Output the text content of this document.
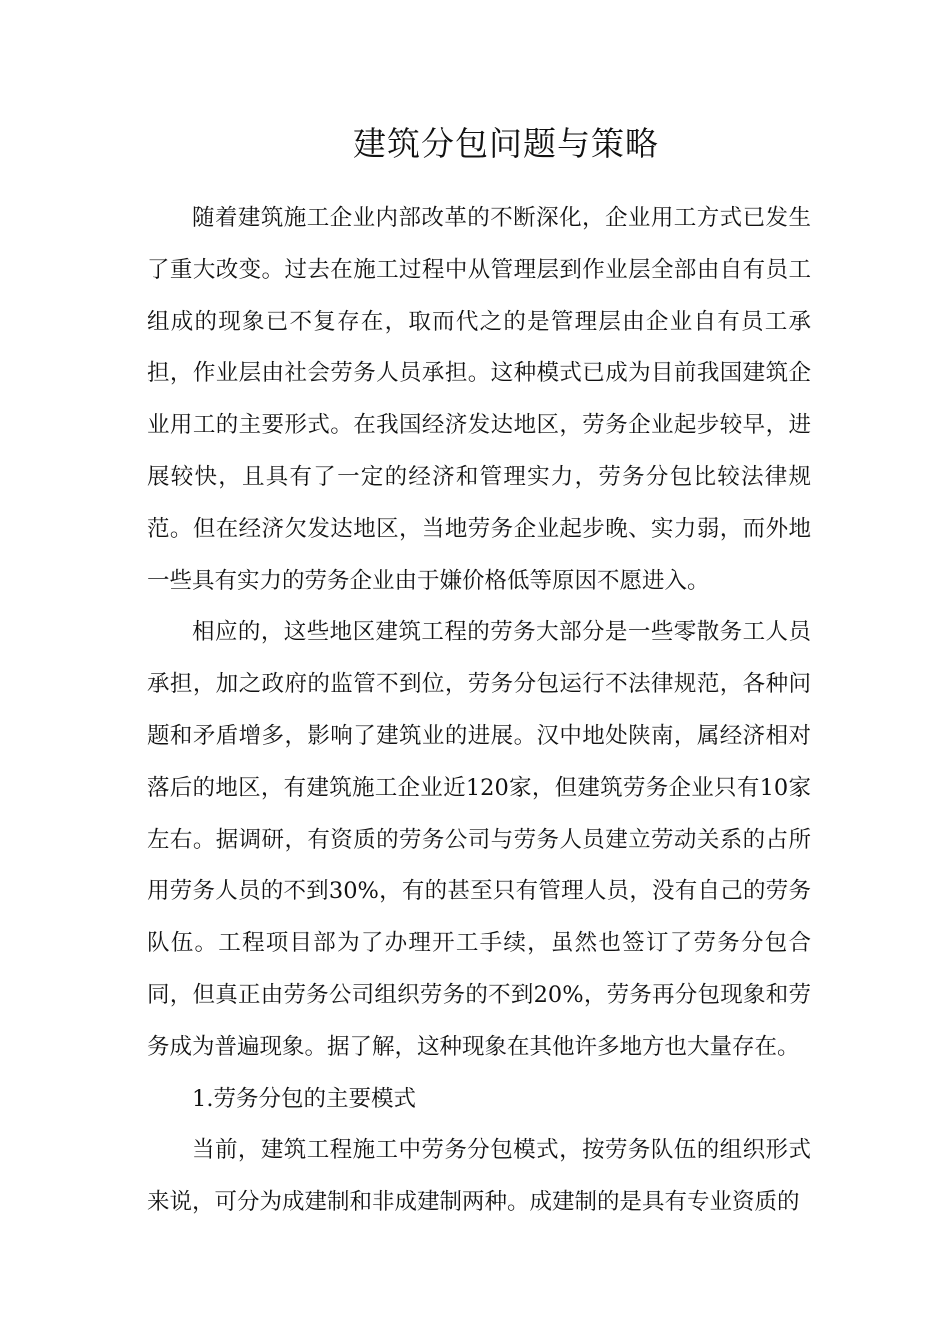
建筑分包问题与策略

随着建筑施工企业内部改革的不断深化，企业用工方式已发生了重大改变。过去在施工过程中从管理层到作业层全部由自有员工组成的现象已不复存在，取而代之的是管理层由企业自有员工承担，作业层由社会劳务人员承担。这种模式已成为目前我国建筑企业用工的主要形式。在我国经济发达地区，劳务企业起步较早，进展较快，且具有了一定的经济和管理实力，劳务分包比较法律规范。但在经济欠发达地区，当地劳务企业起步晚、实力弱，而外地一些具有实力的劳务企业由于嫌价格低等原因不愿进入。

相应的，这些地区建筑工程的劳务大部分是一些零散务工人员承担，加之政府的监管不到位，劳务分包运行不法律规范，各种问题和矛盾增多，影响了建筑业的进展。汉中地处陕南，属经济相对落后的地区，有建筑施工企业近120家，但建筑劳务企业只有10家左右。据调研，有资质的劳务公司与劳务人员建立劳动关系的占所用劳务人员的不到30%，有的甚至只有管理人员，没有自己的劳务队伍。工程项目部为了办理开工手续，虽然也签订了劳务分包合同，但真正由劳务公司组织劳务的不到20%，劳务再分包现象和劳务成为普遍现象。据了解，这种现象在其他许多地方也大量存在。

1.劳务分包的主要模式

当前，建筑工程施工中劳务分包模式，按劳务队伍的组织形式来说，可分为成建制和非成建制两种。成建制的是具有专业资质的
